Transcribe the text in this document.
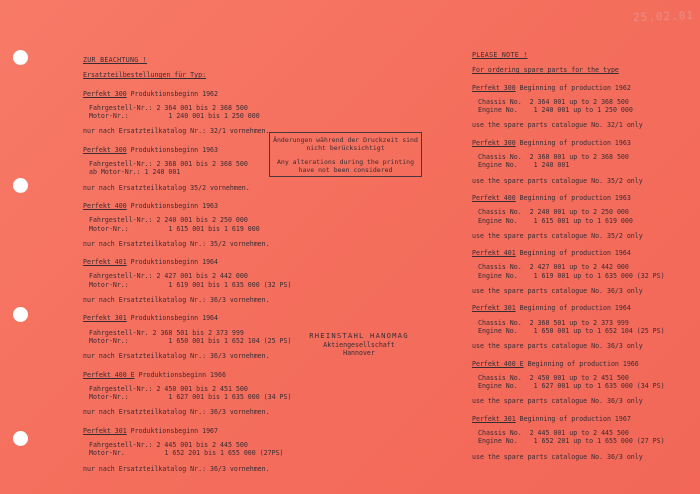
25.02.01
ZUR BEACHTUNG !
Ersatzteilbestellungen für Typ:
Perfekt 300 Produktionsbeginn 1962
Fahrgestell-Nr.: 2 364 001 bis 2 368 500
Motor-Nr.:          1 240 001 bis 1 250 000
nur nach Ersatzteilkatalog Nr.: 32/1 vornehmen.
Perfekt 300 Produktionsbeginn 1963
Fahrgestell-Nr.: 2 368 001 bis 2 368 500
ab Motor-Nr.: 1 240 001
nur nach Ersatzteilkatalog 35/2 vornehmen.
Perfekt 400 Produktionsbeginn 1963
Fahrgestell-Nr.: 2 240 001 bis 2 250 000
Motor-Nr.:          1 615 001 bis 1 619 000
nur nach Ersatzteilkatalog Nr.: 35/2 vornehmen.
Perfekt 401 Produktionsbeginn 1964
Fahrgestell-Nr.: 2 427 001 bis 2 442 000
Motor-Nr.:          1 619 001 bis 1 635 000 (32 PS)
nur nach Ersatzteilkatalog Nr.: 36/3 vornehmen.
Perfekt 301 Produktionsbeginn 1964
Fahrgestell-Nr. 2 368 501 bis 2 373 999
Motor-Nr.:          1 650 001 bis 1 652 104 (25 PS)
nur nach Ersatzteilkatalog Nr.: 36/3 vornehmen.
Perfekt 400 E Produktionsbeginn 1966
Fahrgestell-Nr.: 2 450 001 bis 2 451 500
Motor-Nr.:          1 627 001 bis 1 635 000 (34 PS)
nur nach Ersatzteilkatalog Nr.: 36/3 vornehmen.
Perfekt 301 Produktionsbeginn 1967
Fahrgestell-Nr.: 2 445 001 bis 2 445 500
Motor-Nr.          1 652 201 bis 1 655 000 (27PS)
nur nach Ersatzteilkatalog Nr.: 36/3 vornehmen.

Änderungen während der Druckzeit sind nicht berücksichtigt

Any alterations during the printing have not been considered

RHEINSTAHL HANOMAG
Aktiengesellschaft
Hannover
PLEASE NOTE !
For ordering spare parts for the type
Perfekt 300 Beginning of production 1962
Chassis No.  2 364 001 up to 2 368 500
Engine No.    1 240 001 up to 1 250 000
use the spare parts catalogue No. 32/1 only
Perfekt 300 Beginning of production 1963
Chassis No.  2 368 001 up to 2 368 500
Engine No.    1 240 001
use the spare parts catalogue No. 35/2 only
Perfekt 400 Beginning of production 1963
Chassis No.  2 240 001 up to 2 250 000
Engine No.    1 615 001 up to 1 619 000
use the spare parts catalogue No. 35/2 only
Perfekt 401 Beginning of production 1964
Chassis No.  2 427 001 up to 2 442 000
Engine No.    1 619 001 up to 1 635 000 (32 PS)
use the spare parts catalogue No. 36/3 only
Perfekt 301 Beginning of production 1964
Chassis No.  2 368 501 up to 2 373 999
Engine No.    1 650 001 up to 1 652 104 (25 PS)
use the spare parts catalogue No. 36/3 only
Perfekt 400 E Beginning of production 1966
Chassis No.  2 450 001 up to 2 451 500
Engine No.    1 627 001 up to 1 635 000 (34 PS)
use the spare parts catalogue No. 36/3 only
Perfekt 301 Beginning of production 1967
Chassis No.  2 445 001 up to 2 445 500
Engine No.    1 652 201 up to 1 655 000 (27 PS)
use the spare parts catalogue No. 36/3 only
